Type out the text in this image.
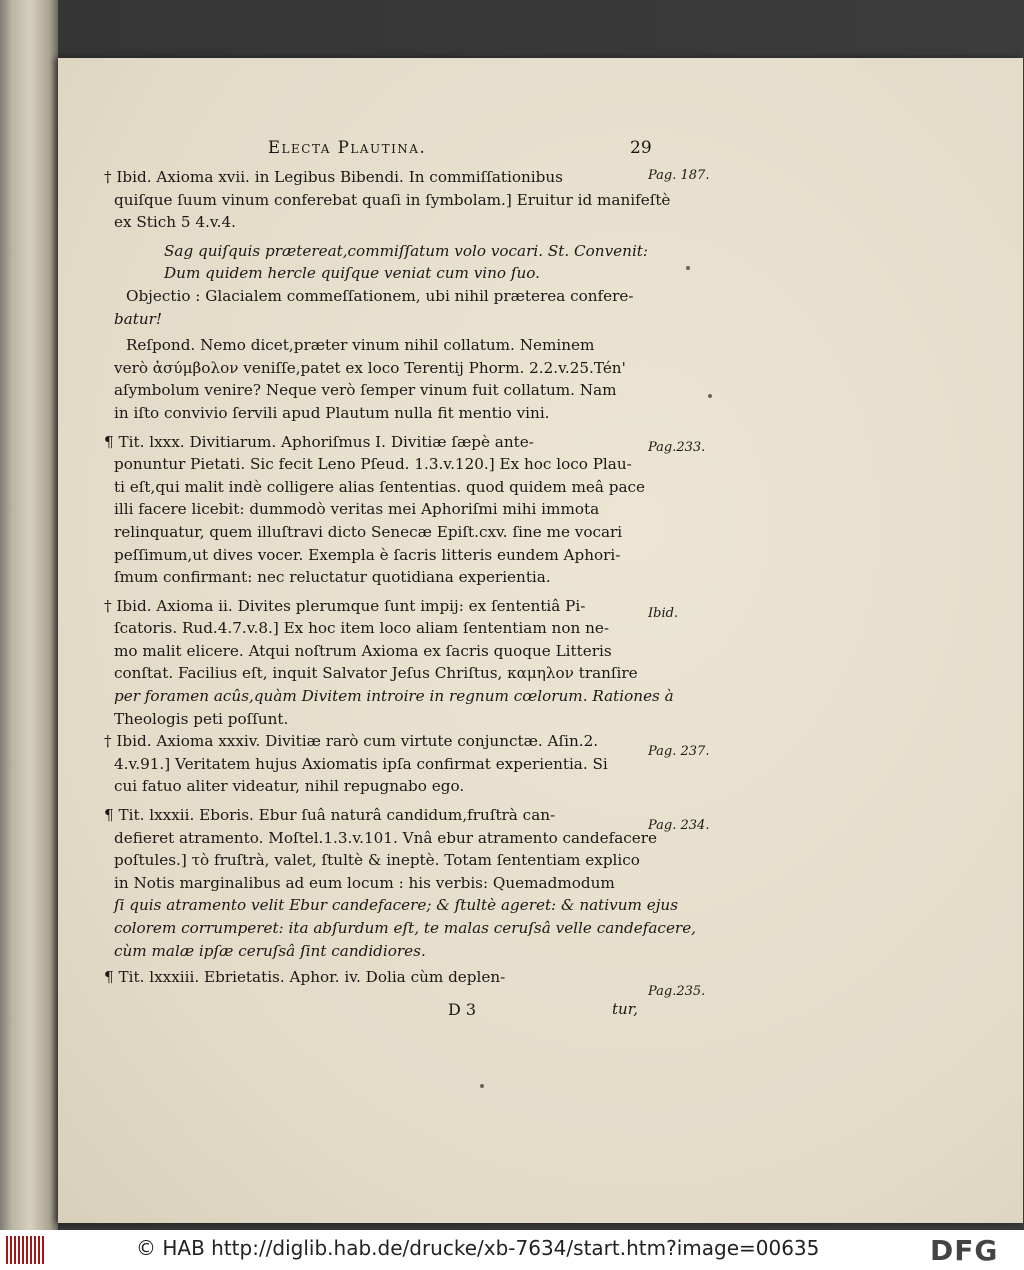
Electa Plautina.	29
† Ibid. Axioma xvii. in Legibus Bibendi. In commiſſationibus
quiſque ſuum vinum conferebat quaſi in ſymbolam.] Eruitur id manifeſtè
ex Stich 5 4.v.4.
Sag quiſquis prætereat,commiſſatum volo vocari. St. Convenit:
Dum quidem hercle quiſque veniat cum vino ſuo.
Objectio : Glacialem commeſſationem, ubi nihil præterea confere-
batur!
Reſpond. Nemo dicet,præter vinum nihil collatum. Neminem
verò ἀσύμβολον veniſſe,patet ex loco Terentij Phorm. 2.2.v.25.Tén'
aſymbolum venire? Neque verò ſemper vinum fuit collatum. Nam
in iſto convivio ſervili apud Plautum nulla fit mentio vini.
¶ Tit. lxxx. Divitiarum. Aphoriſmus I. Divitiæ ſæpè ante-
ponuntur Pietati. Sic fecit Leno Pſeud. 1.3.v.120.] Ex hoc loco Plau-
ti eſt,qui malit indè colligere alias ſententias. quod quidem meâ pace
illi facere licebit: dummodò veritas mei Aphoriſmi mihi immota
relinquatur, quem illuſtravi dicto Senecæ Epiſt.cxv. ſine me vocari
peſſimum,ut dives vocer. Exempla è ſacris litteris eundem Aphori-
ſmum confirmant: nec reluctatur quotidiana experientia.
† Ibid. Axioma ii. Divites plerumque ſunt impij: ex ſententiâ Pi-
ſcatoris. Rud.4.7.v.8.] Ex hoc item loco aliam ſententiam non ne-
mo malit elicere. Atqui noſtrum Axioma ex ſacris quoque Litteris
conſtat. Facilius eſt, inquit Salvator Jeſus Chriſtus, καμηλον tranſire
per foramen acûs,quàm Divitem introire in regnum cœlorum. Rationes à
Theologis peti poſſunt.
† Ibid. Axioma xxxiv. Divitiæ rarò cum virtute conjunctæ. Aſin.2.
4.v.91.] Veritatem hujus Axiomatis ipſa confirmat experientia. Si
cui fatuo aliter videatur, nihil repugnabo ego.
¶ Tit. lxxxii. Eboris. Ebur ſuâ naturâ candidum,fruſtrà can-
defieret atramento. Moſtel.1.3.v.101. Vnâ ebur atramento candefacere
poſtules.] τὸ fruſtrà, valet, ſtultè & ineptè. Totam ſententiam explico
in Notis marginalibus ad eum locum : his verbis: Quemadmodum
ſi quis atramento velit Ebur candefacere; & ſtultè ageret: & nativum ejus
colorem corrumperet: ita abſurdum eſt, te malas ceruſsâ velle candefacere,
cùm malæ ipſæ ceruſsâ ſint candidiores.
¶ Tit. lxxxiii. Ebrietatis. Aphor. iv. Dolia cùm deplen-
Pag. 187.
Pag.233.
Ibid.
Pag. 237.
Pag. 234.
Pag.235.
D 3	tur,
© HAB http://diglib.hab.de/drucke/xb-7634/start.htm?image=00635	DFG
